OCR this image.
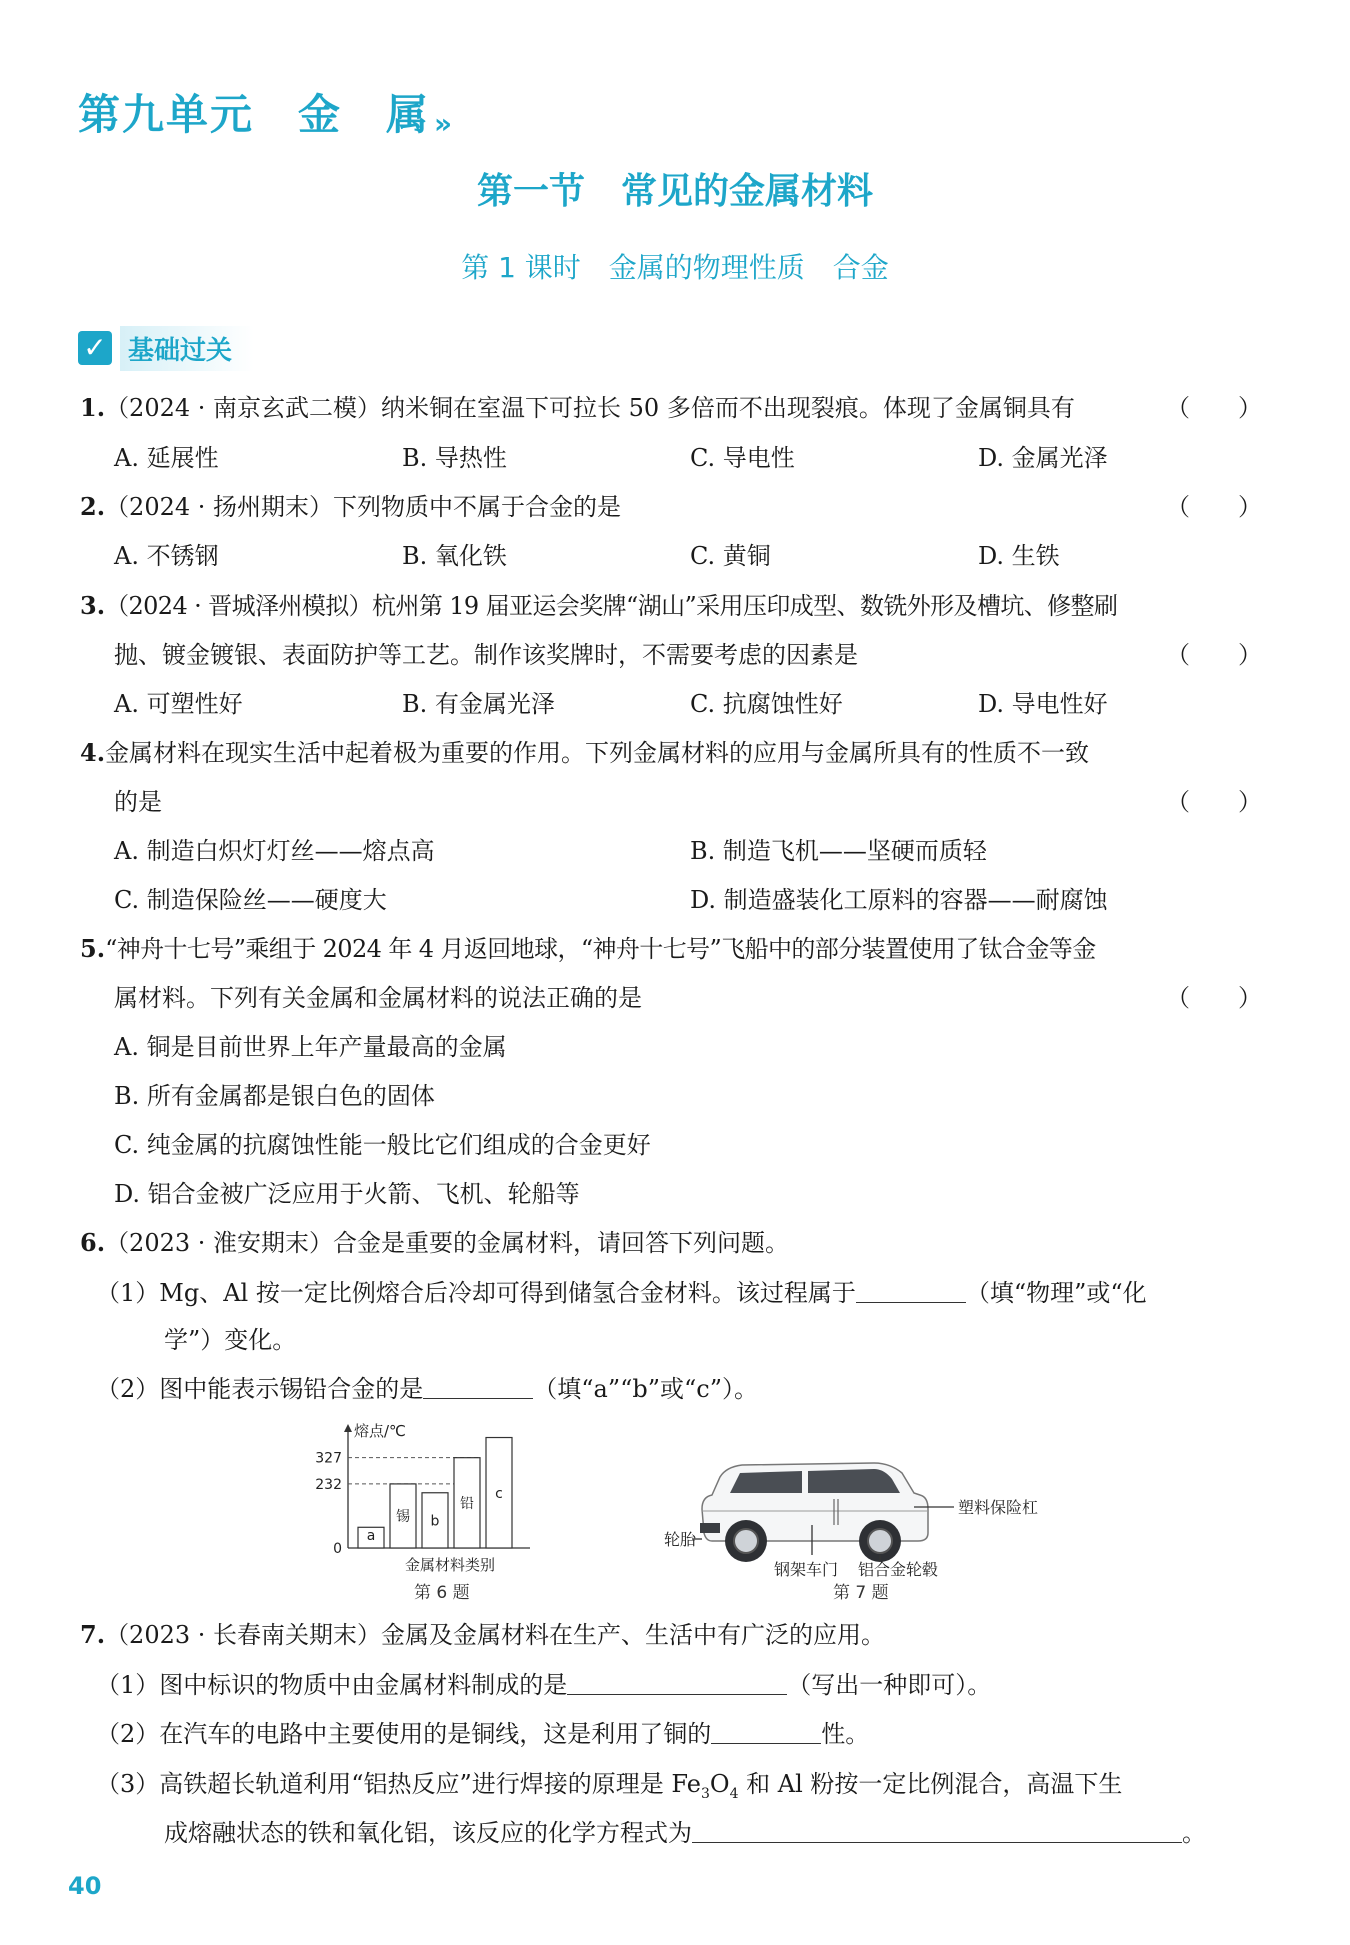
第九单元　金　属 »
第一节　常见的金属材料
第 1 课时　金属的物理性质　合金
✓ 基础过关
1.（2024 · 南京玄武二模）纳米铜在室温下可拉长 50 多倍而不出现裂痕。体现了金属铜具有	（　　）
A. 延展性	B. 导热性	C. 导电性	D. 金属光泽
2.（2024 · 扬州期末）下列物质中不属于合金的是	（　　）
A. 不锈钢	B. 氧化铁	C. 黄铜	D. 生铁
3.（2024 · 晋城泽州模拟）杭州第 19 届亚运会奖牌“湖山”采用压印成型、数铣外形及槽坑、修整刷
抛、镀金镀银、表面防护等工艺。制作该奖牌时，不需要考虑的因素是	（　　）
A. 可塑性好	B. 有金属光泽	C. 抗腐蚀性好	D. 导电性好
4.金属材料在现实生活中起着极为重要的作用。下列金属材料的应用与金属所具有的性质不一致
的是	（　　）
A. 制造白炽灯灯丝——熔点高	B. 制造飞机——坚硬而质轻
C. 制造保险丝——硬度大	D. 制造盛装化工原料的容器——耐腐蚀
5.“神舟十七号”乘组于 2024 年 4 月返回地球，“神舟十七号”飞船中的部分装置使用了钛合金等金
属材料。下列有关金属和金属材料的说法正确的是	（　　）
A. 铜是目前世界上年产量最高的金属
B. 所有金属都是银白色的固体
C. 纯金属的抗腐蚀性能一般比它们组成的合金更好
D. 铝合金被广泛应用于火箭、飞机、轮船等
6.（2023 · 淮安期末）合金是重要的金属材料，请回答下列问题。
（1）Mg、Al 按一定比例熔合后冷却可得到储氢合金材料。该过程属于	（填“物理”或“化
学”）变化。
（2）图中能表示锡铅合金的是	（填“a”“b”或“c”）。
熔点/℃
金属材料类别
0
232
327
a
锡 b
铅
c
第 6 题
轮胎
塑料保险杠
钢架车门 铝合金轮毂
第 7 题
7.（2023 · 长春南关期末）金属及金属材料在生产、生活中有广泛的应用。
（1）图中标识的物质中由金属材料制成的是	（写出一种即可）。
（2）在汽车的电路中主要使用的是铜线，这是利用了铜的	性。
（3）高铁超长轨道利用“铝热反应”进行焊接的原理是 $Fe_3O_4$ 和 Al 粉按一定比例混合，高温下生
成熔融状态的铁和氧化铝，该反应的化学方程式为	。
40
